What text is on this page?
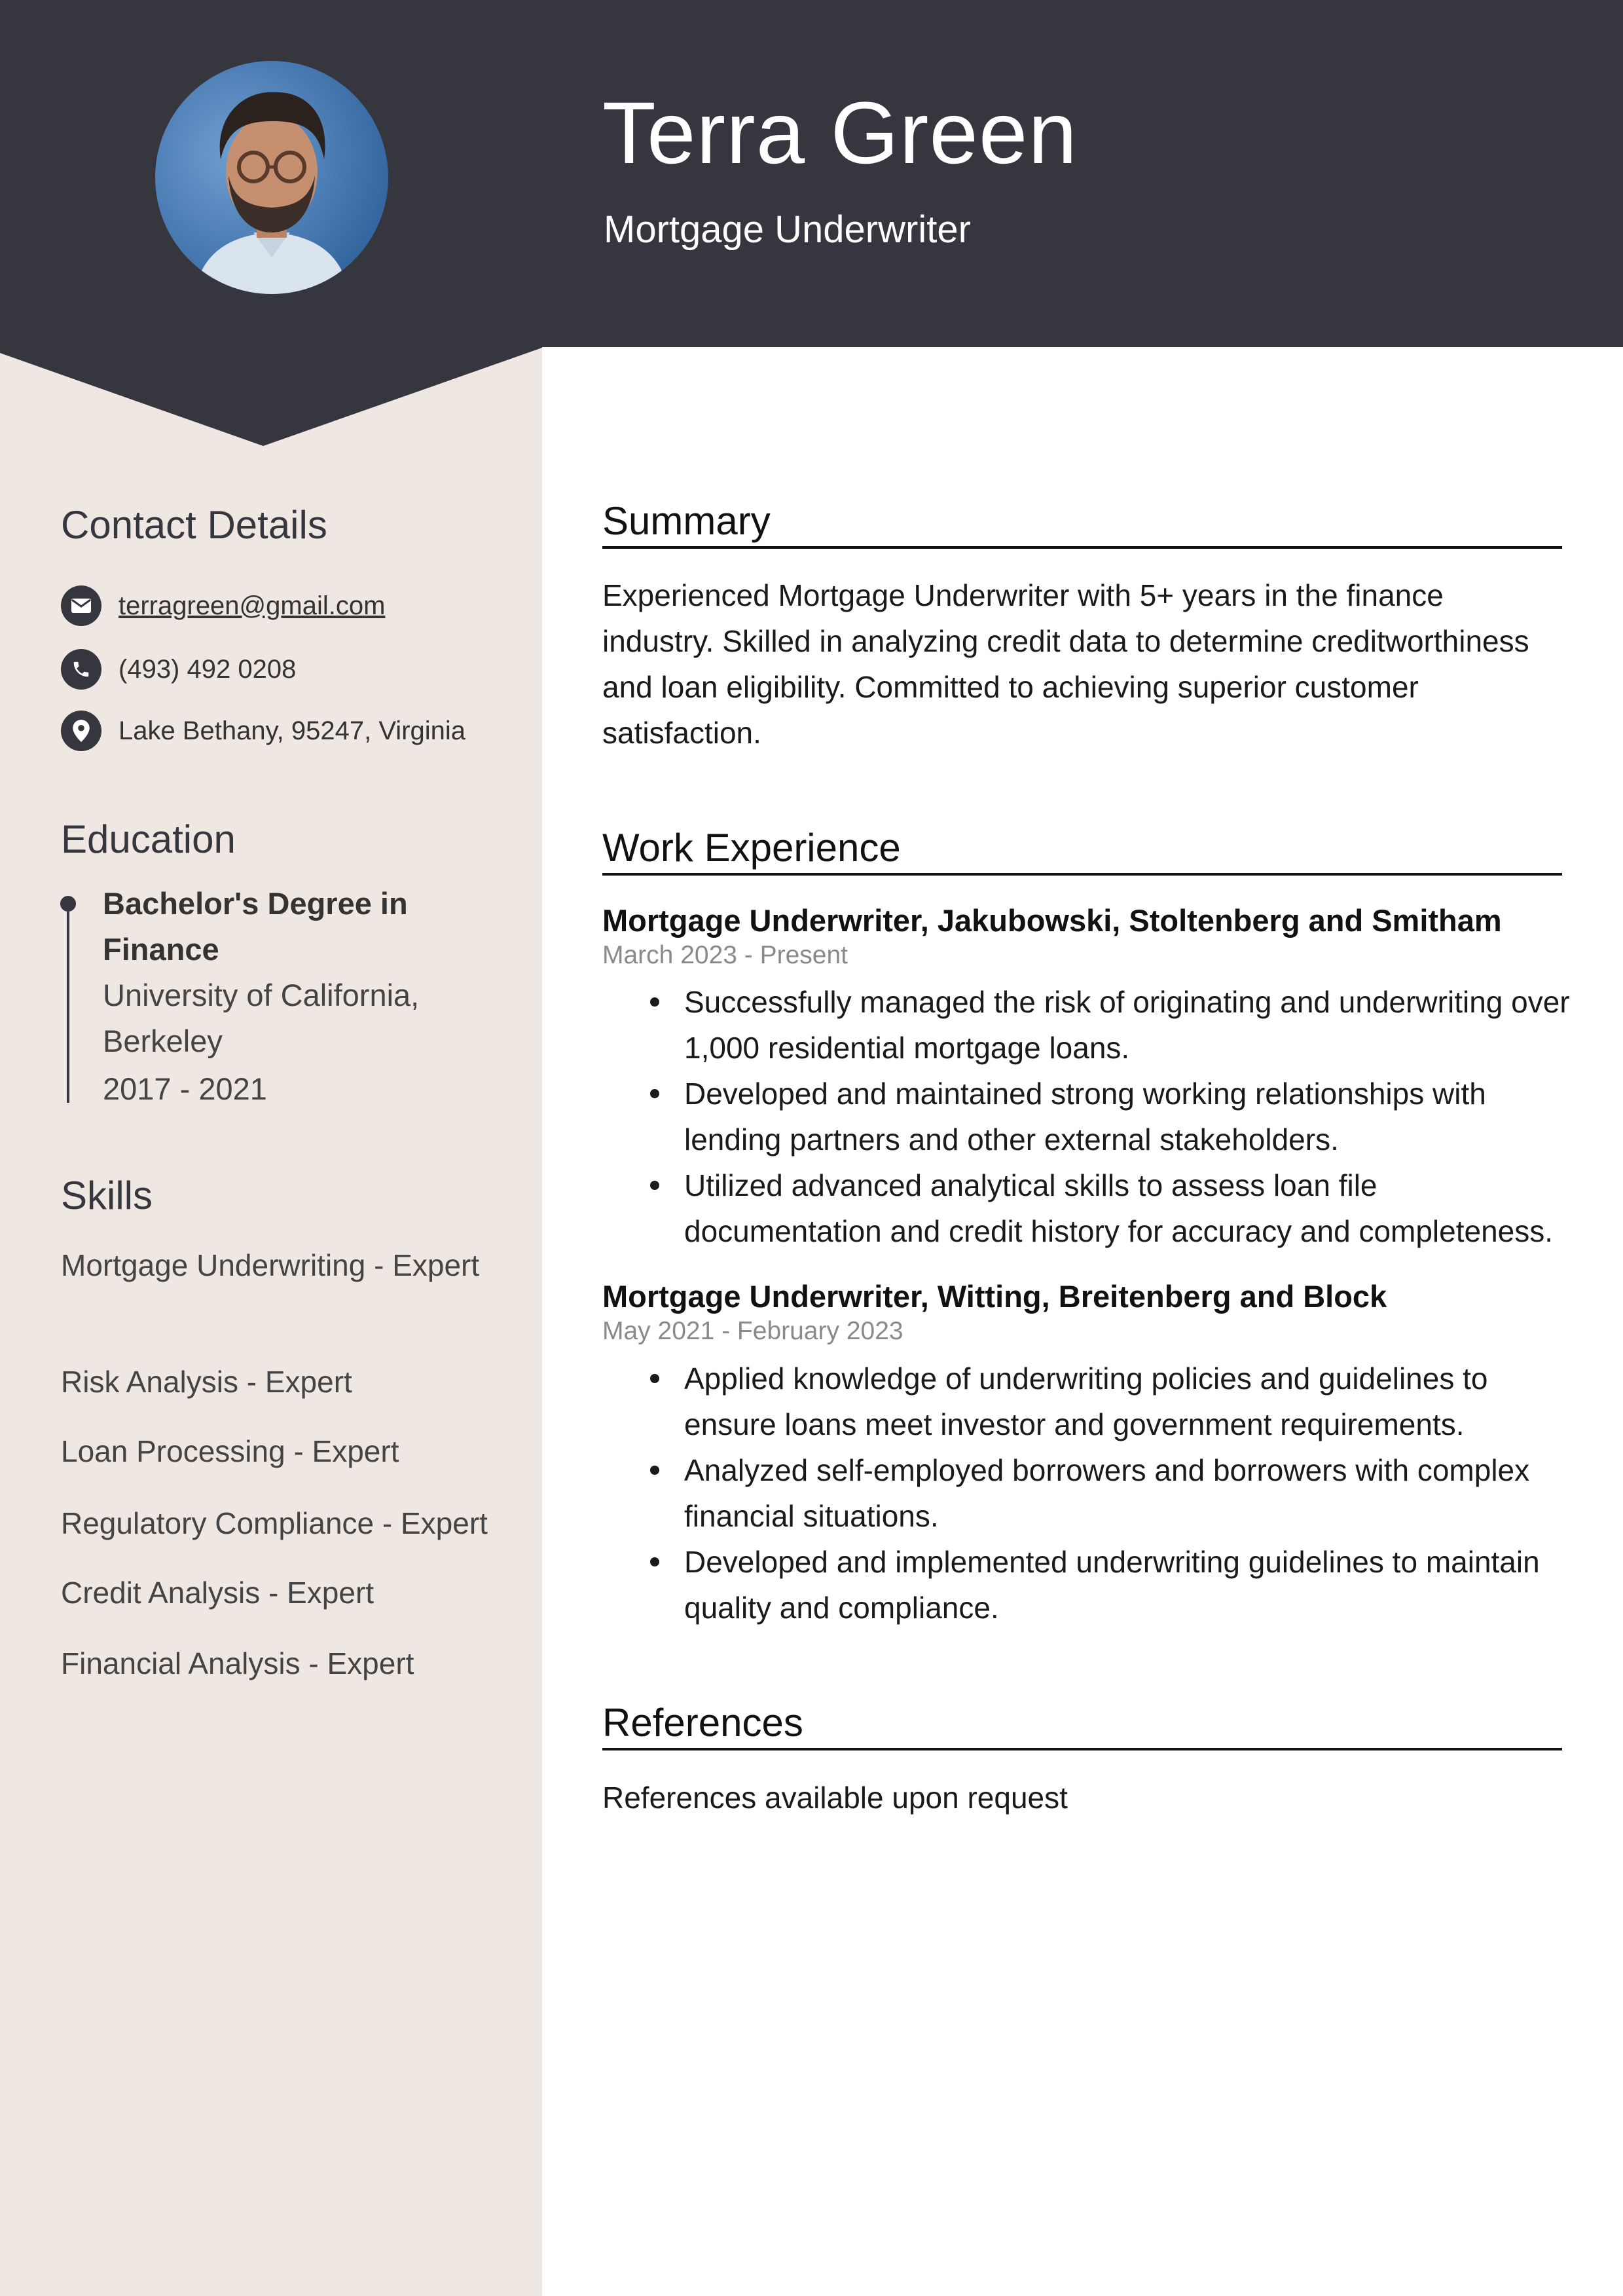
Terra Green
Mortgage Underwriter
Contact Details
terragreen@gmail.com
(493) 492 0208
Lake Bethany, 95247, Virginia
Education
Bachelor's Degree in Finance
University of California, Berkeley
2017 - 2021
Skills
Mortgage Underwriting - Expert
Risk Analysis - Expert
Loan Processing - Expert
Regulatory Compliance - Expert
Credit Analysis - Expert
Financial Analysis - Expert
Summary
Experienced Mortgage Underwriter with 5+ years in the finance industry. Skilled in analyzing credit data to determine creditworthiness and loan eligibility. Committed to achieving superior customer satisfaction.
Work Experience
Mortgage Underwriter, Jakubowski, Stoltenberg and Smitham
March 2023 - Present
Successfully managed the risk of originating and underwriting over 1,000 residential mortgage loans.
Developed and maintained strong working relationships with lending partners and other external stakeholders.
Utilized advanced analytical skills to assess loan file documentation and credit history for accuracy and completeness.
Mortgage Underwriter, Witting, Breitenberg and Block
May 2021 - February 2023
Applied knowledge of underwriting policies and guidelines to ensure loans meet investor and government requirements.
Analyzed self-employed borrowers and borrowers with complex financial situations.
Developed and implemented underwriting guidelines to maintain quality and compliance.
References
References available upon request
